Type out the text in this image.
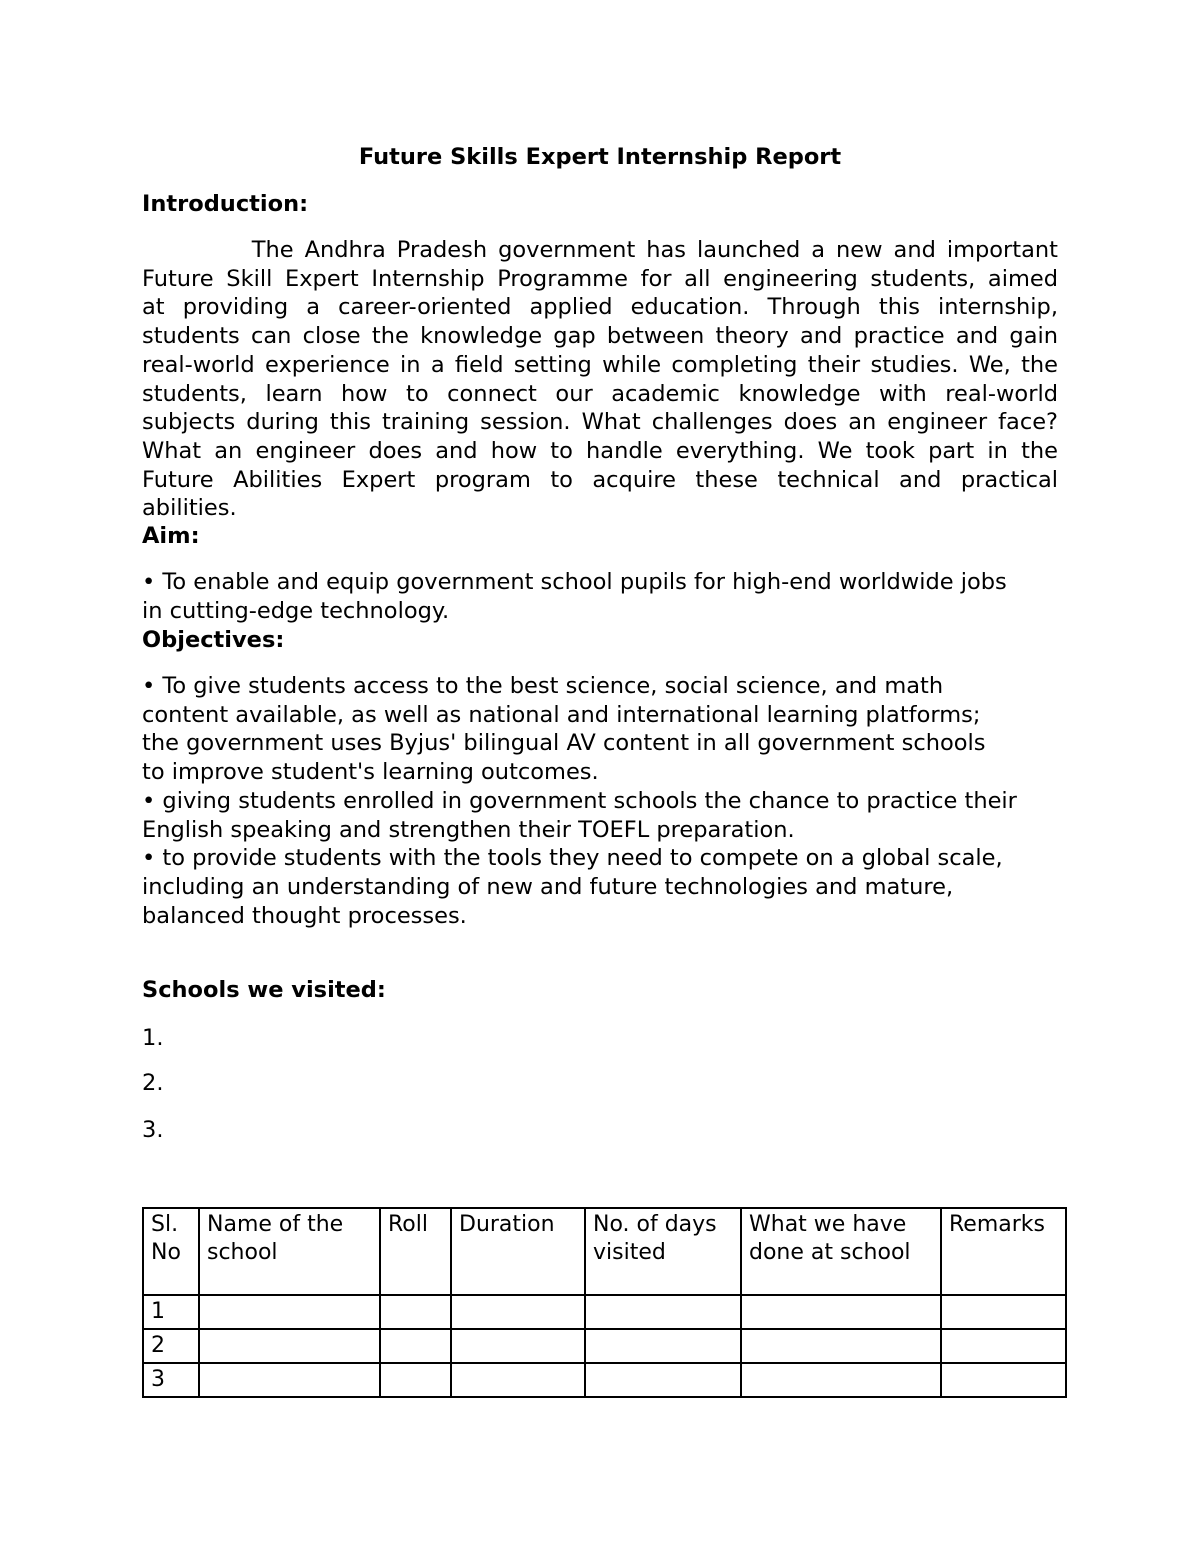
Future Skills Expert Internship Report
Introduction:
The Andhra Pradesh government has launched a new and important
Future Skill Expert Internship Programme for all engineering students, aimed
at providing a career-oriented applied education. Through this internship,
students can close the knowledge gap between theory and practice and gain
real-world experience in a field setting while completing their studies. We, the
students, learn how to connect our academic knowledge with real-world
subjects during this training session. What challenges does an engineer face?
What an engineer does and how to handle everything. We took part in the
Future Abilities Expert program to acquire these technical and practical
abilities.
Aim:
• To enable and equip government school pupils for high-end worldwide jobs
in cutting-edge technology.
Objectives:
• To give students access to the best science, social science, and math
content available, as well as national and international learning platforms;
the government uses Byjus' bilingual AV content in all government schools
to improve student's learning outcomes.
• giving students enrolled in government schools the chance to practice their
English speaking and strengthen their TOEFL preparation.
• to provide students with the tools they need to compete on a global scale,
including an understanding of new and future technologies and mature,
balanced thought processes.
Schools we visited:
1.
2.
3.
Sl.
No	Name of the school	Roll	Duration	No. of days visited	What we have done at school	Remarks
1						
2						
3						
